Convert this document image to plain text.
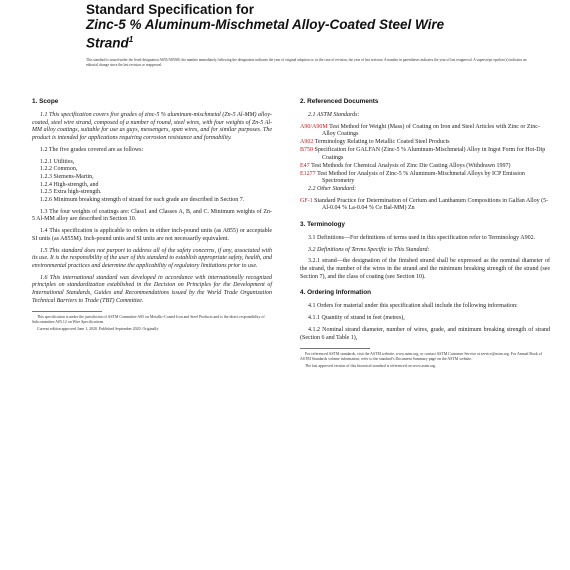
Standard Specification for
Zinc-5 % Aluminum-Mischmetal Alloy-Coated Steel Wire
Strand$^1$
This standard is issued under the fixed designation A855/A855M; the number immediately following the designation indicates the year of original adoption or, in the case of revision, the year of last revision. A number in parentheses indicates the year of last reapproval. A superscript epsilon (ε) indicates an editorial change since the last revision or reapproval.
1. Scope

1.1 This specification covers five grades of zinc-5 % aluminum-mischmetal (Zn-5 Al-MM) alloy-coated, steel wire strand, composed of a number of round, steel wires, with four weights of Zn-5 Al-MM alloy coatings, suitable for use as guys, messengers, span wires, and for similar purposes. The product is intended for applications requiring corrosion resistance and formability.

1.2 The five grades covered are as follows:

1.2.1 Utilities,

1.2.2 Common,

1.2.3 Siemens-Martin,

1.2.4 High-strength, and

1.2.5 Extra high-strength.

1.2.6 Minimum breaking strength of strand for each grade are described in Section 7.

1.3 The four weights of coatings are: Class1 and Classes A, B, and C. Minimum weights of Zn-5 Al-MM alloy are described in Section 10.

1.4 This specification is applicable to orders in either inch-pound units (as A855) or acceptable SI units (as A855M). Inch-pound units and SI units are not necessarily equivalent.

1.5 This standard does not purport to address all of the safety concerns, if any, associated with its use. It is the responsibility of the user of this standard to establish appropriate safety, health, and environmental practices and determine the applicability of regulatory limitations prior to use.

1.6 This international standard was developed in accordance with internationally recognized principles on standardization established in the Decision on Principles for the Development of International Standards, Guides and Recommendations issued by the World Trade Organization Technical Barriers to Trade (TBT) Committee.

This specification is under the jurisdiction of ASTM Committee A05 on Metallic-Coated Iron and Steel Products and is the direct responsibility of Subcommittee A05.12 on Wire Specifications.

Current edition approved June 1, 2020. Published September 2020. Originally

2. Referenced Documents

2.1 ASTM Standards:

A90/A90M Test Method for Weight (Mass) of Coating on Iron and Steel Articles with Zinc or Zinc-Alloy Coatings

A902 Terminology Relating to Metallic Coated Steel Products

B750 Specification for GALFAN (Zinc-5 % Aluminum-Mischmetal) Alloy in Ingot Form for Hot-Dip Coatings

E47 Test Methods for Chemical Analysis of Zinc Die Casting Alloys (Withdrawn 1997)

E1277 Test Method for Analysis of Zinc-5 % Aluminum-Mischmetal Alloys by ICP Emission Spectrometry

2.2 Other Standard:

GF-1 Standard Practice for Determination of Cerium and Lanthanum Compositions in Galfan Alloy (5-Al-0.04 % La-0.04 % Ce Bal-MM) Zn

3. Terminology

3.1 Definitions—For definitions of terms used in this specification refer to Terminology A902.

3.2 Definitions of Terms Specific to This Standard:

3.2.1 strand—the designation of the finished strand shall be expressed as the nominal diameter of the strand, the number of the wires in the strand and the minimum breaking strength of the strand (see Section 7), and the class of coating (see Section 10).

4. Ordering Information

4.1 Orders for material under this specification shall include the following information:

4.1.1 Quantity of strand in feet (metres),

4.1.2 Nominal strand diameter, number of wires, grade, and minimum breaking strength of strand (Section 6 and Table 1),

For referenced ASTM standards, visit the ASTM website, www.astm.org, or contact ASTM Customer Service at service@astm.org. For Annual Book of ASTM Standards volume information, refer to the standard's Document Summary page on the ASTM website.

The last approved version of this historical standard is referenced on www.astm.org.
